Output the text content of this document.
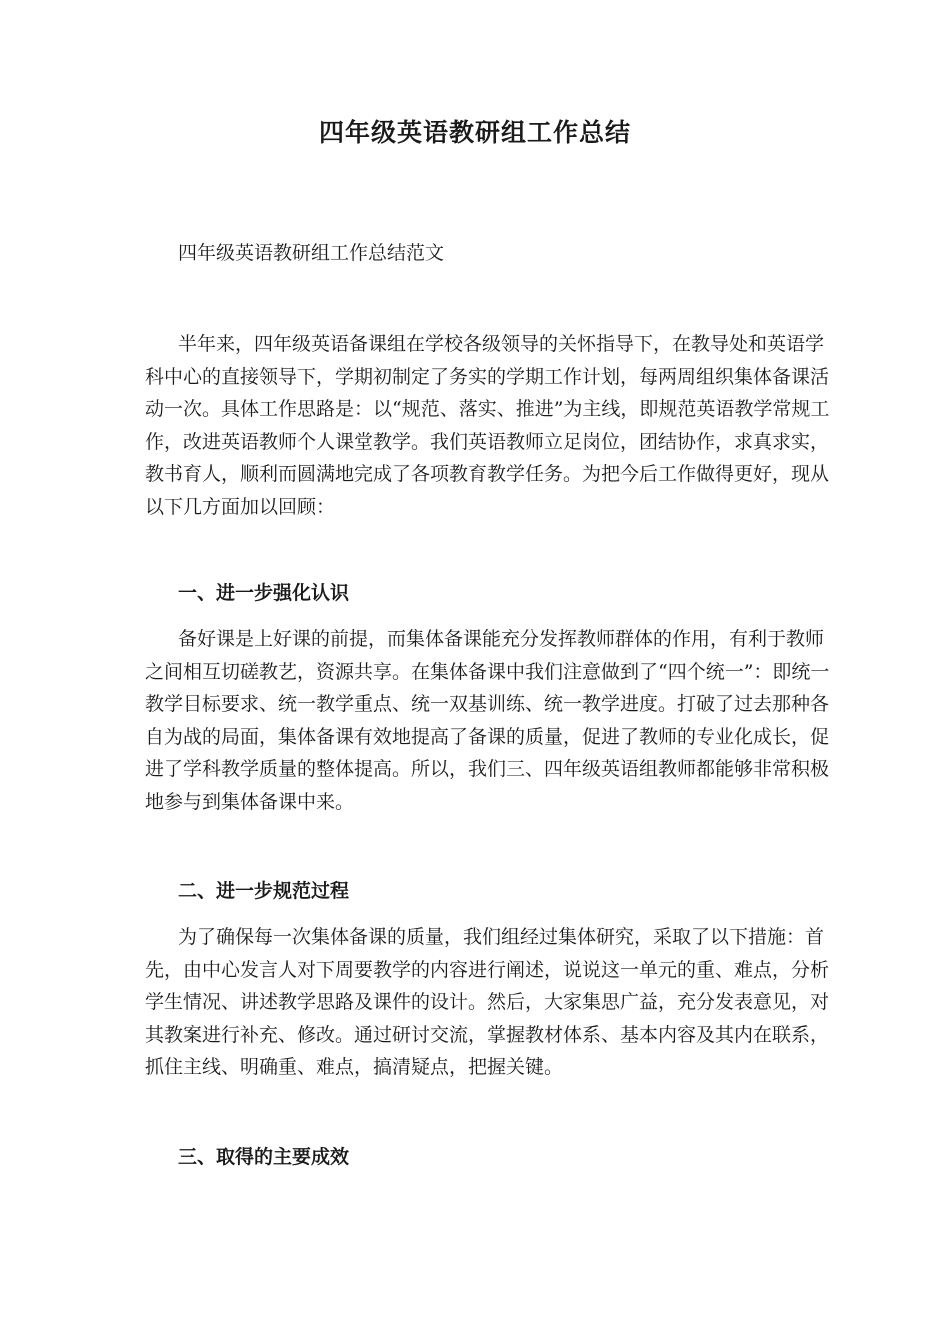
四年级英语教研组工作总结

四年级英语教研组工作总结范文

半年来，四年级英语备课组在学校各级领导的关怀指导下，在教导处和英语学科中心的直接领导下，学期初制定了务实的学期工作计划，每两周组织集体备课活动一次。具体工作思路是：以“规范、落实、推进”为主线，即规范英语教学常规工作，改进英语教师个人课堂教学。我们英语教师立足岗位，团结协作，求真求实，教书育人，顺利而圆满地完成了各项教育教学任务。为把今后工作做得更好，现从以下几方面加以回顾：

一、进一步强化认识

备好课是上好课的前提，而集体备课能充分发挥教师群体的作用，有利于教师之间相互切磋教艺，资源共享。在集体备课中我们注意做到了“四个统一”：即统一教学目标要求、统一教学重点、统一双基训练、统一教学进度。打破了过去那种各自为战的局面，集体备课有效地提高了备课的质量，促进了教师的专业化成长，促进了学科教学质量的整体提高。所以，我们三、四年级英语组教师都能够非常积极地参与到集体备课中来。

二、进一步规范过程

为了确保每一次集体备课的质量，我们组经过集体研究，采取了以下措施：首先，由中心发言人对下周要教学的内容进行阐述，说说这一单元的重、难点，分析学生情况、讲述教学思路及课件的设计。然后，大家集思广益，充分发表意见，对其教案进行补充、修改。通过研讨交流，掌握教材体系、基本内容及其内在联系，抓住主线、明确重、难点，搞清疑点，把握关键。

三、取得的主要成效
